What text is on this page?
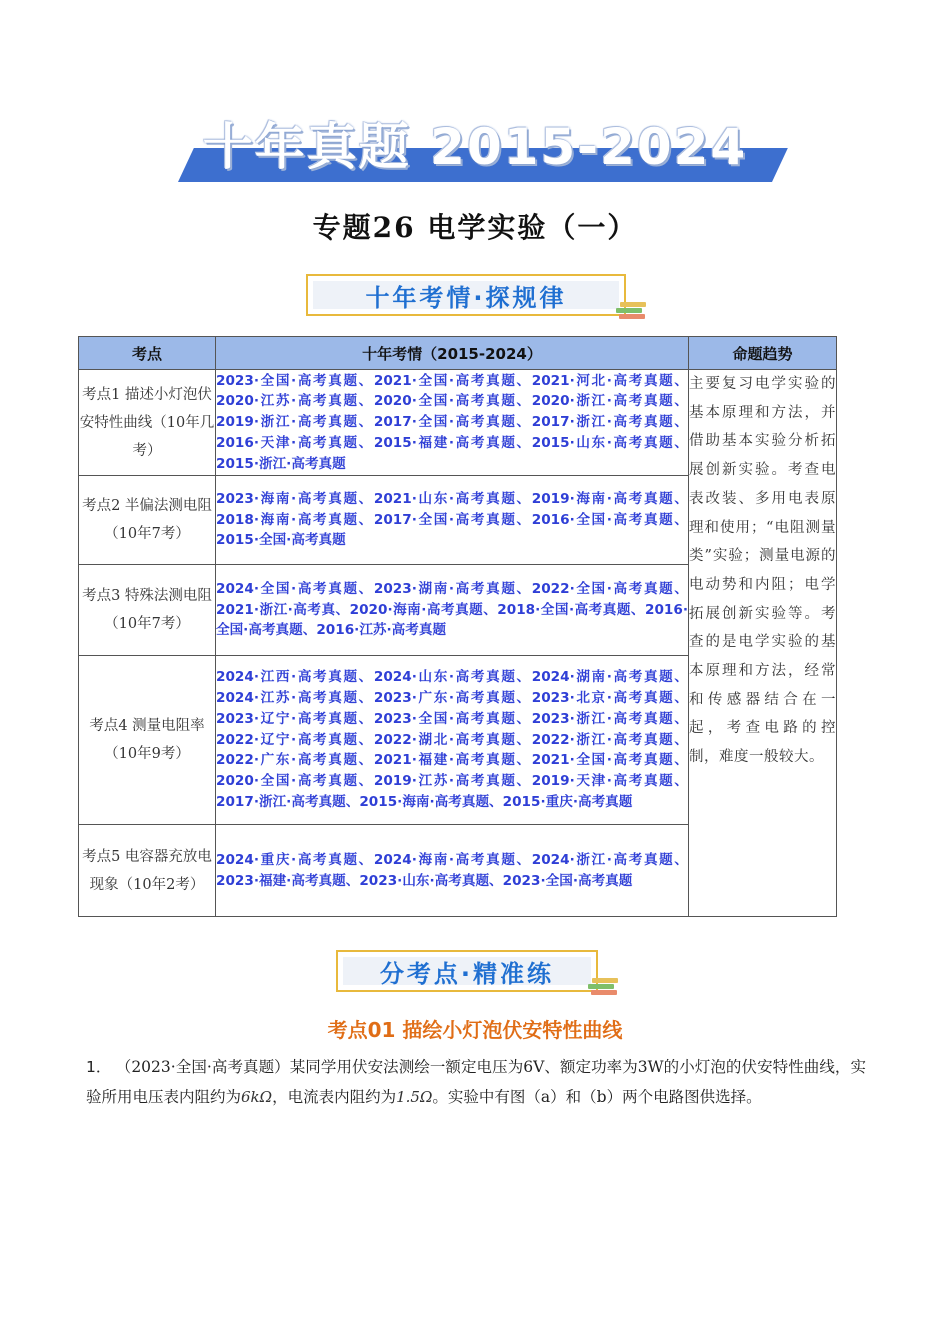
十年真题 2015-2024
专题26 电学实验（一）
十年考情·探规律
考点	十年考情（2015-2024）	命题趋势
考点1 描述小灯泡伏安特性曲线（10年几考）	2023·全国·高考真题、2021·全国·高考真题、2021·河北·高考真题、2020·江苏·高考真题、2020·全国·高考真题、2020·浙江·高考真题、2019·浙江·高考真题、2017·全国·高考真题、2017·浙江·高考真题、2016·天津·高考真题、2015·福建·高考真题、2015·山东·高考真题、2015·浙江·高考真题	主要复习电学实验的基本原理和方法，并借助基本实验分析拓展创新实验。考查电表改装、多用电表原理和使用；“电阻测量类”实验；测量电源的电动势和内阻；电学拓展创新实验等。考查的是电学实验的基本原理和方法，经常和传感器结合在一起，考查电路的控制，难度一般较大。
考点2 半偏法测电阻（10年7考）	2023·海南·高考真题、2021·山东·高考真题、2019·海南·高考真题、2018·海南·高考真题、2017·全国·高考真题、2016·全国·高考真题、2015·全国·高考真题	
考点3 特殊法测电阻（10年7考）	2024·全国·高考真题、2023·湖南·高考真题、2022·全国·高考真题、2021·浙江·高考真、2020·海南·高考真题、2018·全国·高考真题、2016·全国·高考真题、2016·江苏·高考真题	
考点4 测量电阻率（10年9考）	2024·江西·高考真题、2024·山东·高考真题、2024·湖南·高考真题、2024·江苏·高考真题、2023·广东·高考真题、2023·北京·高考真题、2023·辽宁·高考真题、2023·全国·高考真题、2023·浙江·高考真题、2022·辽宁·高考真题、2022·湖北·高考真题、2022·浙江·高考真题、2022·广东·高考真题、2021·福建·高考真题、2021·全国·高考真题、2020·全国·高考真题、2019·江苏·高考真题、2019·天津·高考真题、2017·浙江·高考真题、2015·海南·高考真题、2015·重庆·高考真题	
考点5 电容器充放电现象（10年2考）	2024·重庆·高考真题、2024·海南·高考真题、2024·浙江·高考真题、2023·福建·高考真题、2023·山东·高考真题、2023·全国·高考真题	
分考点·精准练
考点01 描绘小灯泡伏安特性曲线
1． （2023·全国·高考真题）某同学用伏安法测绘一额定电压为6V、额定功率为3W的小灯泡的伏安特性曲线，实验所用电压表内阻约为6kΩ，电流表内阻约为1.5Ω。实验中有图（a）和（b）两个电路图供选择。
